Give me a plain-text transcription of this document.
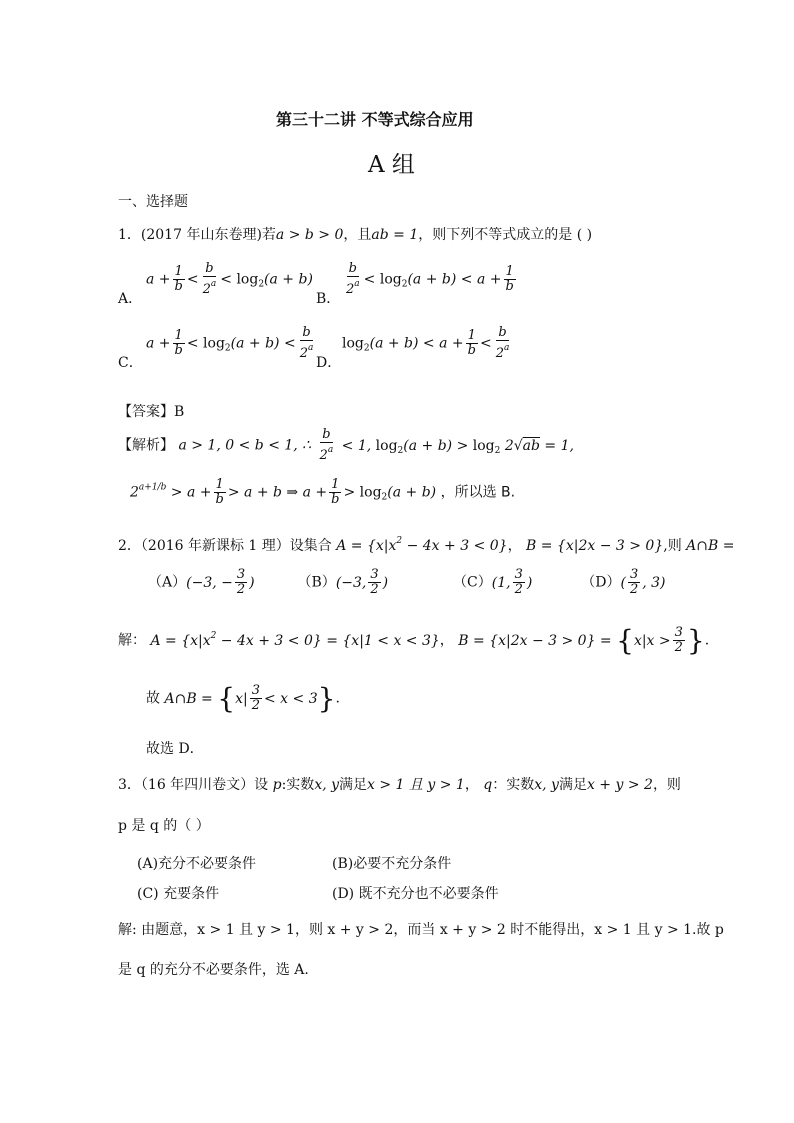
第三十二讲 不等式综合应用
A 组
一、选择题
1．(2017 年山东卷理)若a > b > 0，且ab = 1，则下列不等式成立的是 ( )
A．
$a + \frac{1}{b} < \frac{b}{2^a} < \log_2(a + b)$
B．
$\frac{b}{2^a} < \log_2(a + b) < a + \frac{1}{b}$
C．
$a + \frac{1}{b} < \log_2(a + b) < \frac{b}{2^a}$
D．
$\log_2(a + b) < a + \frac{1}{b} < \frac{b}{2^a}$
【答案】B
【解析】 a > 1, 0 < b < 1, ∴ $\frac{b}{2^a} < 1$, $\log_2(a + b) > \log_2 2√ab = 1$,
$2^{a+1/b} > a + \frac{1}{b} > a + b$ ⇒ $a + \frac{1}{b} > \log_2(a + b)$ ，所以选 B.
2．（2016 年新课标 1 理）设集合 $A = \{x|x^2 - 4x + 3 < 0\}$， B = {x|2x − 3 > 0},则 A∩B =
（A）(−3, − $\frac{3}{2}$ )	（B）(−3, $\frac{3}{2}$ )	（C）(1, $\frac{3}{2}$ )	$(D)( \frac{3}{2}$ , 3)
解： $A = \{x|x^2 - 4x + 3 < 0\} = \{x|1 < x < 3\}$， $B = \{x|2x - 3 > 0\} = \{x|x > \frac{3}{2}$ }.
故 A∩B = $\{x| \frac{3}{2} < x < 3\}$.
故选 D．
3．（16 年四川卷文）设 p:实数x, y满足x > 1 且 y > 1， q：实数x, y满足x + y > 2，则
p 是 q 的（ ）
(A)充分不必要条件	(B)必要不充分条件
(C) 充要条件	(D) 既不充分也不必要条件
解: 由题意，x > 1 且 y > 1，则 x + y > 2，而当 x + y > 2 时不能得出，x > 1 且 y > 1.故 p
是 q 的充分不必要条件，选 A.
